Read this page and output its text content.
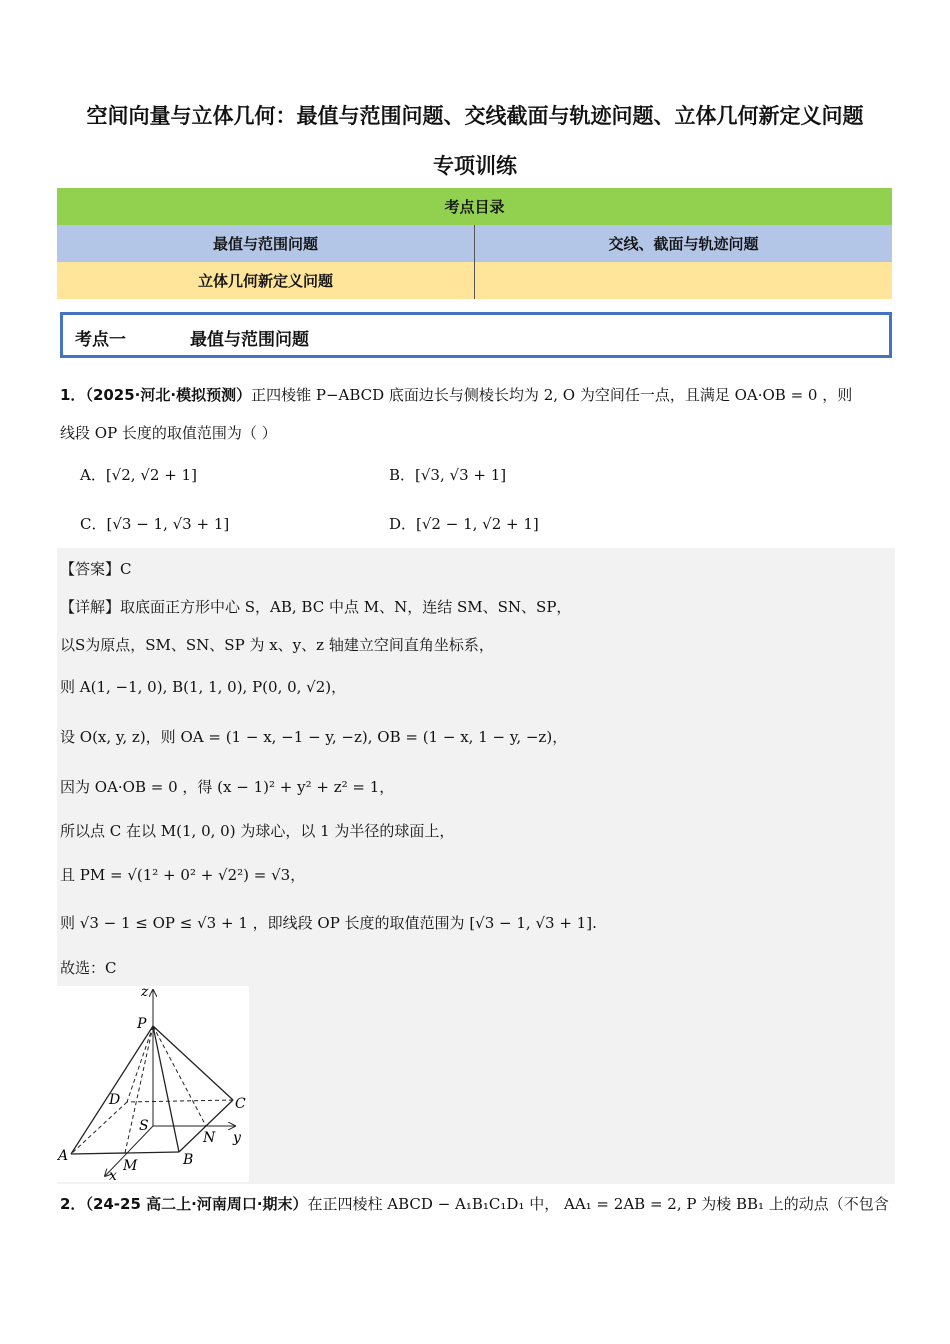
空间向量与立体几何：最值与范围问题、交线截面与轨迹问题、立体几何新定义问题
专项训练
考点目录	
最值与范围问题	交线、截面与轨迹问题
立体几何新定义问题	
考点一	最值与范围问题
1．（2025·河北·模拟预测）正四棱锥 P−ABCD 底面边长与侧棱长均为 2, O 为空间任一点，且满足 OA·OB = 0 ，则
线段 OP 长度的取值范围为（ ）
A．[√2, √2 + 1]	B．[√3, √3 + 1]
C．[√3 − 1, √3 + 1]	D．[√2 − 1, √2 + 1]
【答案】C
【详解】取底面正方形中心 S，AB, BC 中点 M、N，连结 SM、SN、SP，
以S为原点，SM、SN、SP 为 x、y、z 轴建立空间直角坐标系，
则 A(1, −1, 0), B(1, 1, 0), P(0, 0, √2)，
设 O(x, y, z)，则 OA = (1 − x, −1 − y, −z), OB = (1 − x, 1 − y, −z)，
因为 OA·OB = 0 ，得 (x − 1)² + y² + z² = 1，
所以点 C 在以 M(1, 0, 0) 为球心，以 1 为半径的球面上，
且 PM = √(1² + 0² + √2²) = √3，
则 √3 − 1 ≤ OP ≤ √3 + 1 ，即线段 OP 长度的取值范围为 [√3 − 1, √3 + 1].
故选：C
z
P
D	C
S
N y
A
M	B
x
2．（24-25 高二上·河南周口·期末）在正四棱柱 ABCD − A₁B₁C₁D₁ 中， AA₁ = 2AB = 2, P 为棱 BB₁ 上的动点（不包含
